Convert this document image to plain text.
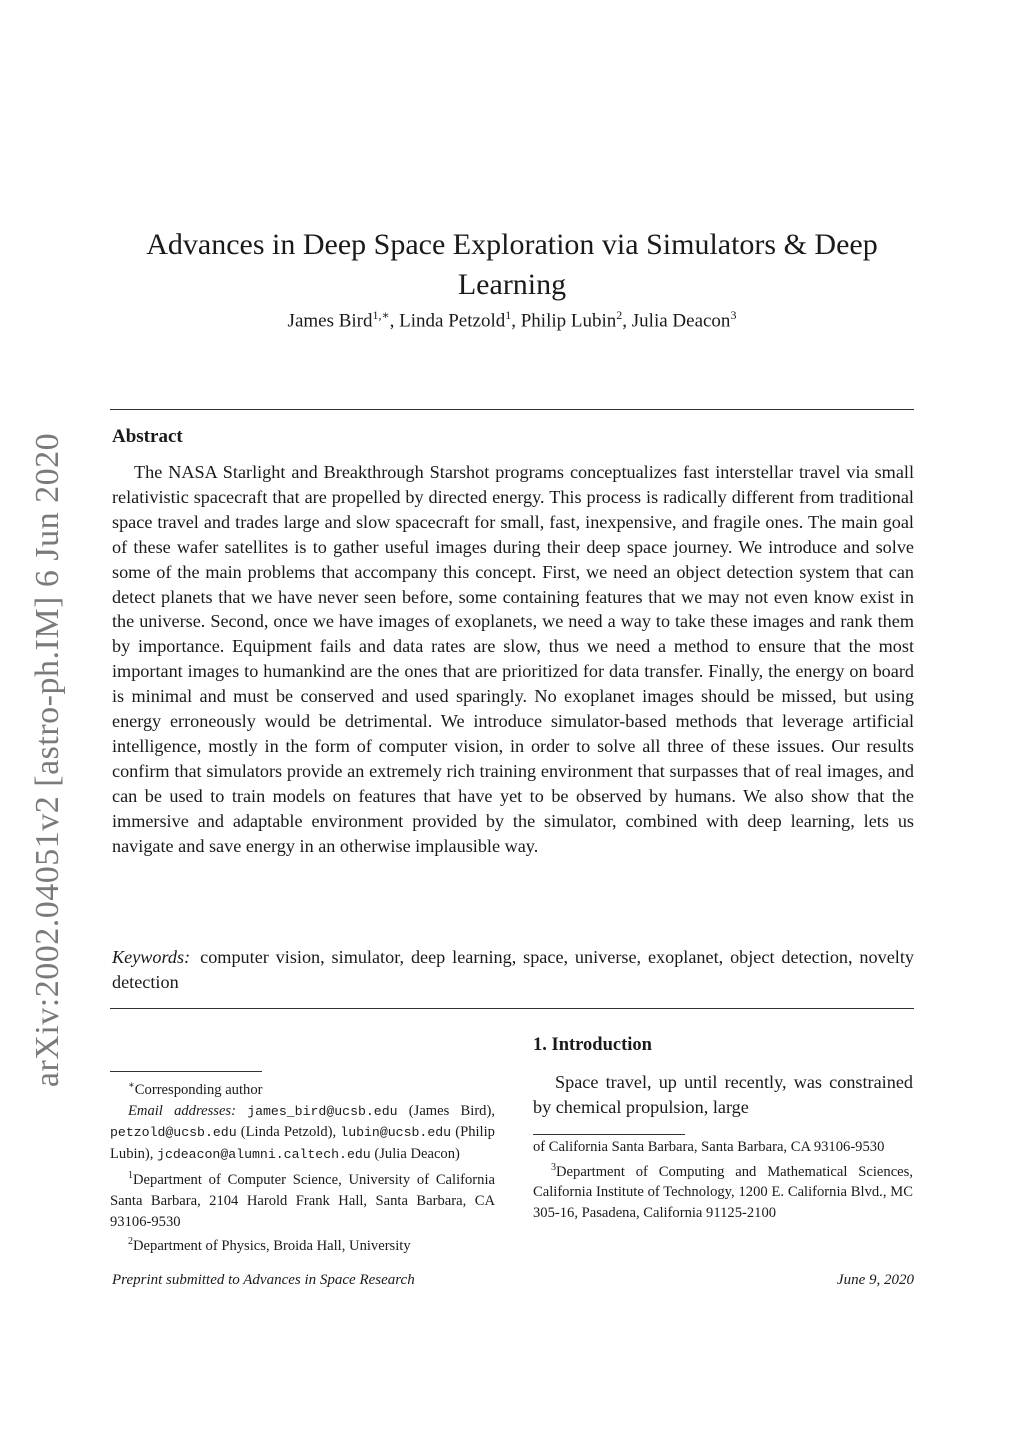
arXiv:2002.04051v2 [astro-ph.IM] 6 Jun 2020
Advances in Deep Space Exploration via Simulators & Deep Learning
James Bird$^{1,∗}$, Linda Petzold$^1$, Philip Lubin$^2$, Julia Deacon$^3$
Abstract
The NASA Starlight and Breakthrough Starshot programs conceptualizes fast interstellar travel via small relativistic spacecraft that are propelled by directed energy. This process is radically different from traditional space travel and trades large and slow spacecraft for small, fast, inexpensive, and fragile ones. The main goal of these wafer satellites is to gather useful images during their deep space journey. We introduce and solve some of the main problems that accompany this concept. First, we need an object detection system that can detect planets that we have never seen before, some containing features that we may not even know exist in the universe. Second, once we have images of exoplanets, we need a way to take these images and rank them by importance. Equipment fails and data rates are slow, thus we need a method to ensure that the most important images to humankind are the ones that are prioritized for data transfer. Finally, the energy on board is minimal and must be conserved and used sparingly. No exoplanet images should be missed, but using energy erroneously would be detrimental. We introduce simulator-based methods that leverage artificial intelligence, mostly in the form of computer vision, in order to solve all three of these issues. Our results confirm that simulators provide an extremely rich training environment that surpasses that of real images, and can be used to train models on features that have yet to be observed by humans. We also show that the immersive and adaptable environment provided by the simulator, combined with deep learning, lets us navigate and save energy in an otherwise implausible way.
Keywords: computer vision, simulator, deep learning, space, universe, exoplanet, object detection, novelty detection

∗Corresponding author

Email addresses: james_bird@ucsb.edu (James Bird), petzold@ucsb.edu (Linda Petzold), lubin@ucsb.edu (Philip Lubin), jcdeacon@alumni.caltech.edu (Julia Deacon)

$^1$Department of Computer Science, University of California Santa Barbara, 2104 Harold Frank Hall, Santa Barbara, CA 93106-9530

$^2$Department of Physics, Broida Hall, University

1. Introduction
Space travel, up until recently, was constrained by chemical propulsion, large

of California Santa Barbara, Santa Barbara, CA 93106-9530

$^3$Department of Computing and Mathematical Sciences, California Institute of Technology, 1200 E. California Blvd., MC 305-16, Pasadena, California 91125-2100

Preprint submitted to Advances in Space Research	June 9, 2020
